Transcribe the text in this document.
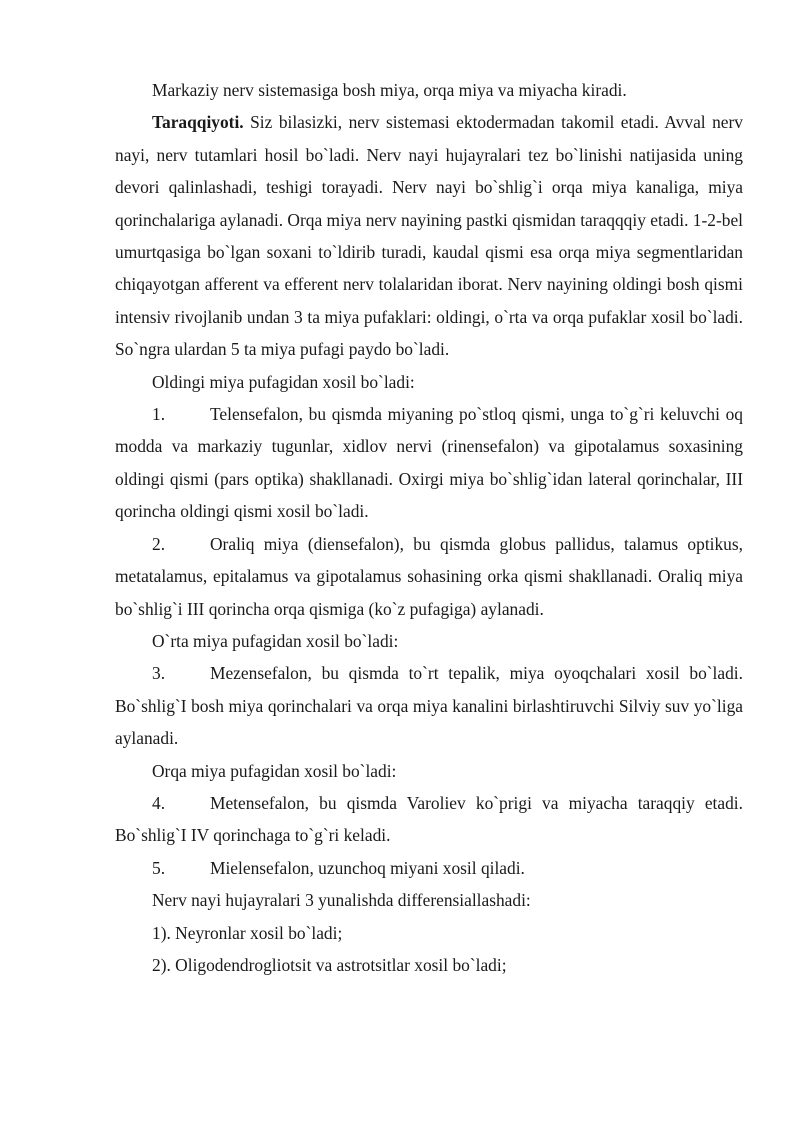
Markaziy nerv sistemasiga bosh miya, orqa miya va miyacha kiradi.

Taraqqiyoti. Siz bilasizki, nerv sistemasi ektodermadan takomil etadi. Avval nerv nayi, nerv tutamlari hosil bo`ladi. Nerv nayi hujayralari tez bo`linishi natijasida uning devori qalinlashadi, teshigi torayadi. Nerv nayi bo`shlig`i orqa miya kanaliga, miya qorinchalariga aylanadi. Orqa miya nerv nayining pastki qismidan taraqqqiy etadi. 1-2-bel umurtqasiga bo`lgan soxani to`ldirib turadi, kaudal qismi esa orqa miya segmentlaridan chiqayotgan afferent va efferent nerv tolalaridan iborat. Nerv nayining oldingi bosh qismi intensiv rivojlanib undan 3 ta miya pufaklari: oldingi, o`rta va orqa pufaklar xosil bo`ladi. So`ngra ulardan 5 ta miya pufagi paydo bo`ladi.

Oldingi miya pufagidan xosil bo`ladi:

1.	Telensefalon, bu qismda miyaning po`stloq qismi, unga to`g`ri keluvchi oq modda va markaziy tugunlar, xidlov nervi (rinensefalon) va gipotalamus soxasining oldingi qismi (pars optika) shakllanadi. Oxirgi miya bo`shlig`idan lateral qorinchalar, III qorincha oldingi qismi xosil bo`ladi.

2.	Oraliq miya (diensefalon), bu qismda globus pallidus, talamus optikus, metatalamus, epitalamus va gipotalamus sohasining orka qismi shakllanadi. Oraliq miya bo`shlig`i III qorincha orqa qismiga (ko`z pufagiga) aylanadi.

O`rta miya pufagidan xosil bo`ladi:

3.	Mezensefalon, bu qismda to`rt tepalik, miya oyoqchalari xosil bo`ladi. Bo`shlig`I bosh miya qorinchalari va orqa miya kanalini birlashtiruvchi Silviy suv yo`liga aylanadi.

Orqa miya pufagidan xosil bo`ladi:

4.	Metensefalon, bu qismda Varoliev ko`prigi va miyacha taraqqiy etadi. Bo`shlig`I IV qorinchaga to`g`ri keladi.

5.	Mielensefalon, uzunchoq miyani xosil qiladi.

Nerv nayi hujayralari 3 yunalishda differensiallashadi:

1). Neyronlar xosil bo`ladi;

2). Oligodendrogliotsit va astrotsitlar xosil bo`ladi;
